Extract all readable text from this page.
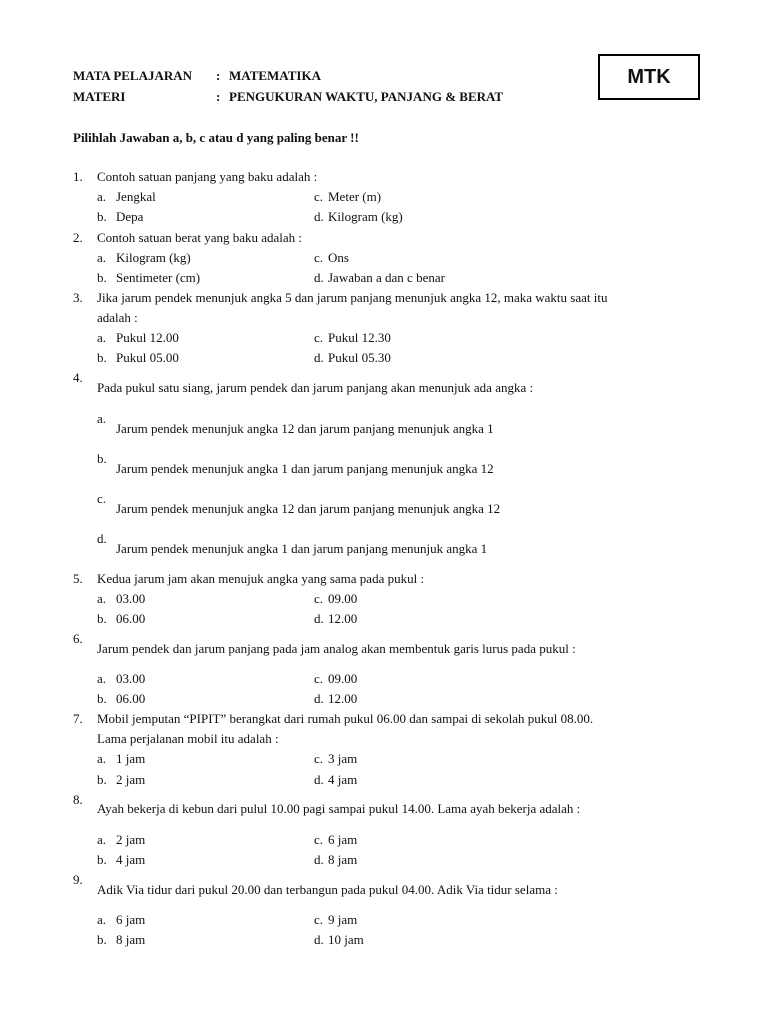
MATA PELAJARAN : MATEMATIKA
MATERI	: PENGUKURAN WAKTU, PANJANG & BERAT
MTK
Pilihlah Jawaban a, b, c atau d yang paling benar !!
1. Contoh satuan panjang yang baku adalah :
a. Jengkal	c. Meter (m)
b. Depa	d. Kilogram (kg)
2. Contoh satuan berat yang baku adalah :
a. Kilogram (kg)	c. Ons
b. Sentimeter (cm)	d. Jawaban a dan c benar
3. Jika jarum pendek menunjuk angka 5 dan jarum panjang menunjuk angka 12, maka waktu saat itu
adalah :
a. Pukul 12.00	c. Pukul 12.30
b. Pukul 05.00	d. Pukul 05.30
4.
Pada pukul satu siang, jarum pendek dan jarum panjang akan menunjuk ada angka :
a.
Jarum pendek menunjuk angka 12 dan jarum panjang menunjuk angka 1
b.
Jarum pendek menunjuk angka 1 dan jarum panjang menunjuk angka 12
c.
Jarum pendek menunjuk angka 12 dan jarum panjang menunjuk angka 12
d.
Jarum pendek menunjuk angka 1 dan jarum panjang menunjuk angka 1
5. Kedua jarum jam akan menujuk angka yang sama pada pukul :
a. 03.00	c. 09.00
b. 06.00	d. 12.00
6.
Jarum pendek dan jarum panjang pada jam analog akan membentuk garis lurus pada pukul :
a. 03.00	c. 09.00
b. 06.00	d. 12.00
7. Mobil jemputan “PIPIT” berangkat dari rumah pukul 06.00 dan sampai di sekolah pukul 08.00.
Lama perjalanan mobil itu adalah :
a. 1 jam	c. 3 jam
b. 2 jam	d. 4 jam
8.
Ayah bekerja di kebun dari pulul 10.00 pagi sampai pukul 14.00. Lama ayah bekerja adalah :
a. 2 jam	c. 6 jam
b. 4 jam	d. 8 jam
9.
Adik Via tidur dari pukul 20.00 dan terbangun pada pukul 04.00. Adik Via tidur selama :
a. 6 jam	c. 9 jam
b. 8 jam	d. 10 jam
